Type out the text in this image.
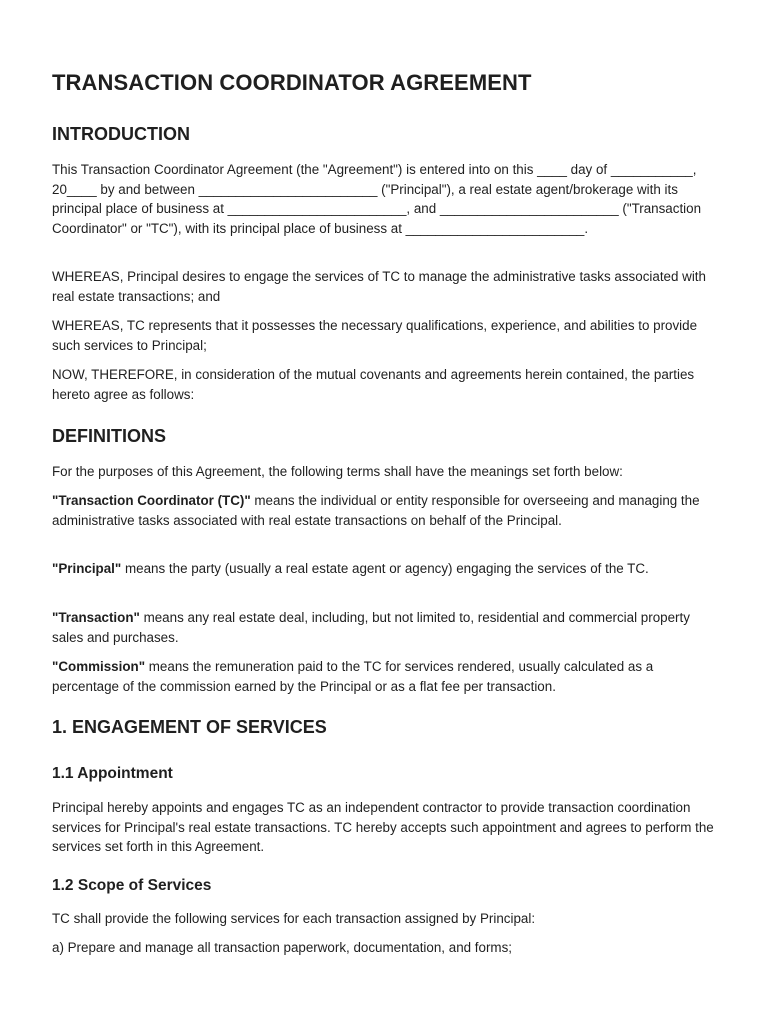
TRANSACTION COORDINATOR AGREEMENT
INTRODUCTION

This Transaction Coordinator Agreement (the "Agreement") is entered into on this ____ day of ___________, 20____ by and between ________________________ ("Principal"), a real estate agent/brokerage with its principal place of business at ________________________, and ________________________ ("Transaction Coordinator" or "TC"), with its principal place of business at ________________________.

WHEREAS, Principal desires to engage the services of TC to manage the administrative tasks associated with real estate transactions; and

WHEREAS, TC represents that it possesses the necessary qualifications, experience, and abilities to provide such services to Principal;

NOW, THEREFORE, in consideration of the mutual covenants and agreements herein contained, the parties hereto agree as follows:

DEFINITIONS

For the purposes of this Agreement, the following terms shall have the meanings set forth below:

"Transaction Coordinator (TC)" means the individual or entity responsible for overseeing and managing the administrative tasks associated with real estate transactions on behalf of the Principal.

"Principal" means the party (usually a real estate agent or agency) engaging the services of the TC.

"Transaction" means any real estate deal, including, but not limited to, residential and commercial property sales and purchases.

"Commission" means the remuneration paid to the TC for services rendered, usually calculated as a percentage of the commission earned by the Principal or as a flat fee per transaction.

1. ENGAGEMENT OF SERVICES
1.1 Appointment

Principal hereby appoints and engages TC as an independent contractor to provide transaction coordination services for Principal's real estate transactions. TC hereby accepts such appointment and agrees to perform the services set forth in this Agreement.

1.2 Scope of Services

TC shall provide the following services for each transaction assigned by Principal:

a) Prepare and manage all transaction paperwork, documentation, and forms;
